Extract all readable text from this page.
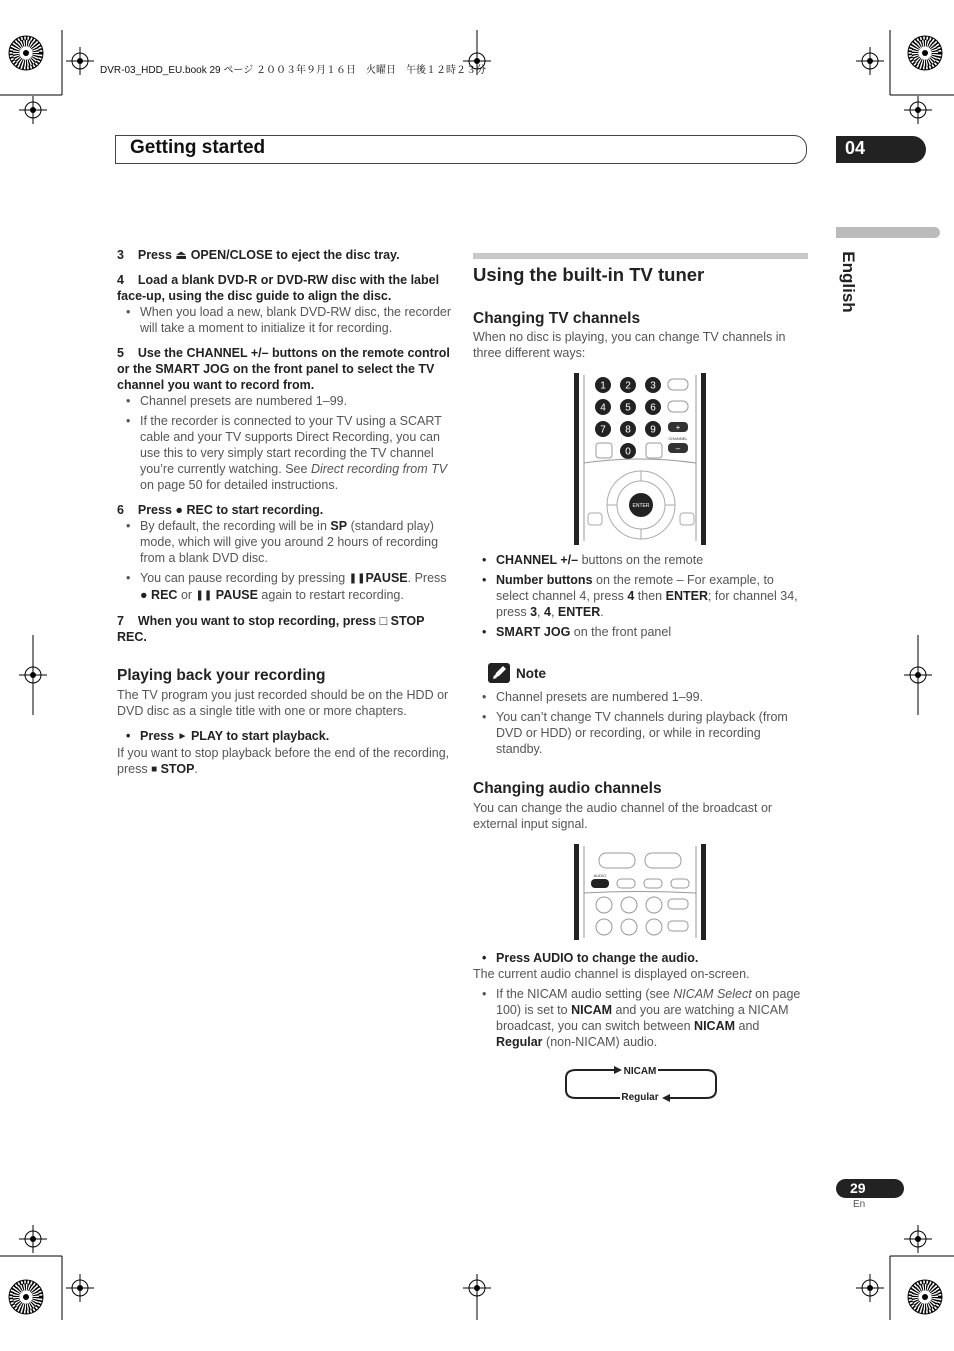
DVR-03_HDD_EU.book 29 ページ ２００３年９月１６日　火曜日　午後１２時２３分
Getting started	04
English

3 Press ⏏ OPEN/CLOSE to eject the disc tray.

4 Load a blank DVD-R or DVD-RW disc with the label face-up, using the disc guide to align the disc.

• When you load a new, blank DVD-RW disc, the recorder will take a moment to initialize it for recording.

5 Use the CHANNEL +/– buttons on the remote control or the SMART JOG on the front panel to select the TV channel you want to record from.

• Channel presets are numbered 1–99.

• If the recorder is connected to your TV using a SCART cable and your TV supports Direct Recording, you can use this to very simply start recording the TV channel you’re currently watching. See Direct recording from TV on page 50 for detailed instructions.

6 Press ● REC to start recording.

• By default, the recording will be in SP (standard play) mode, which will give you around 2 hours of recording from a blank DVD disc.

• You can pause recording by pressing ❚❚PAUSE. Press ● REC or ❚❚ PAUSE again to restart recording.

7 When you want to stop recording, press □ STOP REC.

Playing back your recording

The TV program you just recorded should be on the HDD or DVD disc as a single title with one or more chapters.

• Press ► PLAY to start playback.

If you want to stop playback before the end of the recording, press ■ STOP.

Using the built-in TV tuner

Changing TV channels

When no disc is playing, you can change TV channels in three different ways:

1 2 3
4 5 6
7 8 9
0
+
CHANNEL
–
ENTER

• CHANNEL +/– buttons on the remote

• Number buttons on the remote – For example, to select channel 4, press 4 then ENTER; for channel 34, press 3, 4, ENTER.

• SMART JOG on the front panel

Note

• Channel presets are numbered 1–99.

• You can’t change TV channels during playback (from DVD or HDD) or recording, or while in recording standby.

Changing audio channels

You can change the audio channel of the broadcast or external input signal.

AUDIO

• Press AUDIO to change the audio.

The current audio channel is displayed on-screen.

• If the NICAM audio setting (see NICAM Select on page 100) is set to NICAM and you are watching a NICAM broadcast, you can switch between NICAM and Regular (non-NICAM) audio.

NICAM
Regular
29
En
